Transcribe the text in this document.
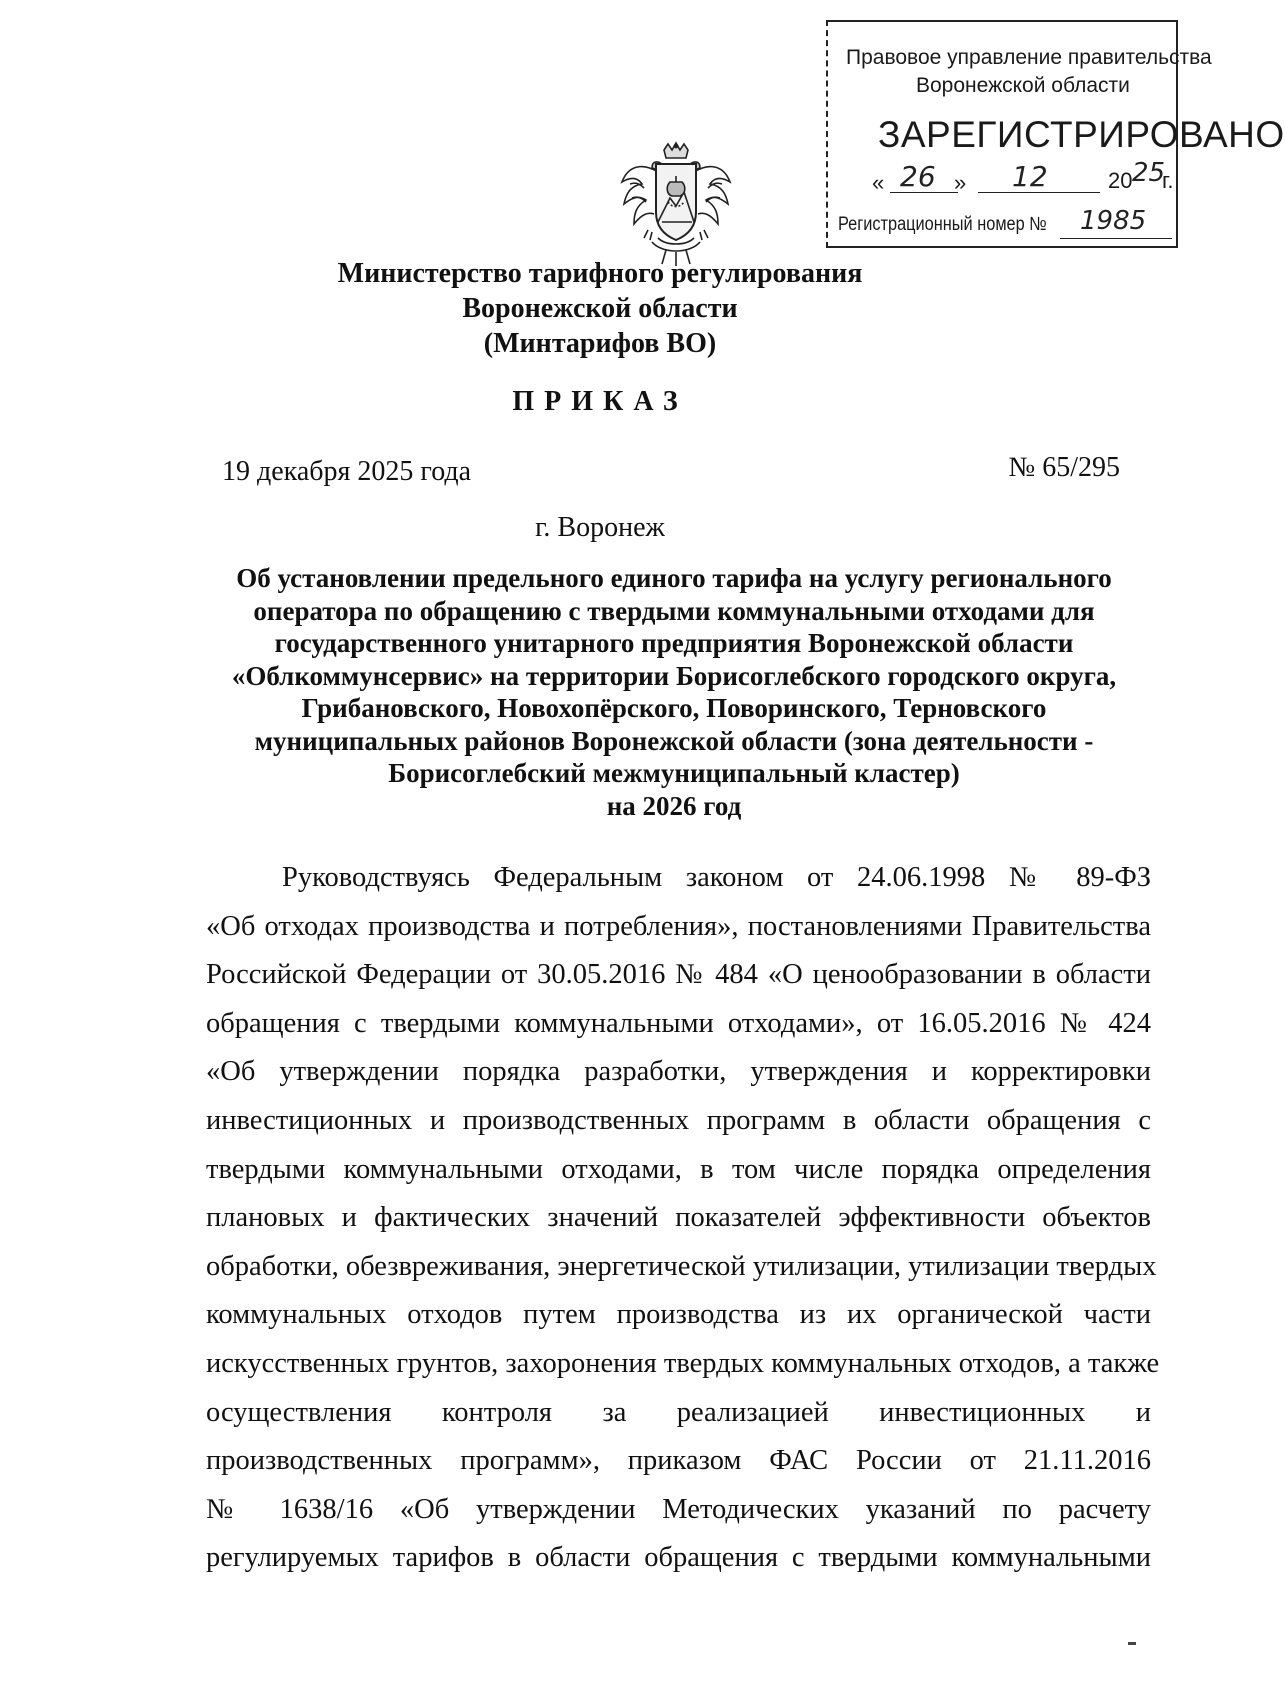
Правовое управление правительства
Воронежской области
ЗАРЕГИСТРИРОВАНО
« 26 » 12	20 25
г.
Регистрационный номер № 1985
Министерство тарифного регулирования
Воронежской области
(Минтарифов ВО)
ПРИКАЗ
19 декабря 2025 года	№ 65/295
г. Воронеж
Об установлении предельного единого тарифа на услугу регионального
оператора по обращению с твердыми коммунальными отходами для
государственного унитарного предприятия Воронежской области
«Облкоммунсервис» на территории Борисоглебского городского округа,
Грибановского, Новохопёрского, Поворинского, Терновского
муниципальных районов Воронежской области (зона деятельности -
Борисоглебский межмуниципальный кластер)
на 2026 год
Руководствуясь Федеральным законом от 24.06.1998 № 89-ФЗ
«Об отходах производства и потребления», постановлениями Правительства
Российской Федерации от 30.05.2016 № 484 «О ценообразовании в области
обращения с твердыми коммунальными отходами», от 16.05.2016 № 424
«Об утверждении порядка разработки, утверждения и корректировки
инвестиционных и производственных программ в области обращения с
твердыми коммунальными отходами, в том числе порядка определения
плановых и фактических значений показателей эффективности объектов
обработки, обезвреживания, энергетической утилизации, утилизации твердых
коммунальных отходов путем производства из их органической части
искусственных грунтов, захоронения твердых коммунальных отходов, а также
осуществления контроля за реализацией инвестиционных и
производственных программ», приказом ФАС России от 21.11.2016
№ 1638/16 «Об утверждении Методических указаний по расчету
регулируемых тарифов в области обращения с твердыми коммунальными
